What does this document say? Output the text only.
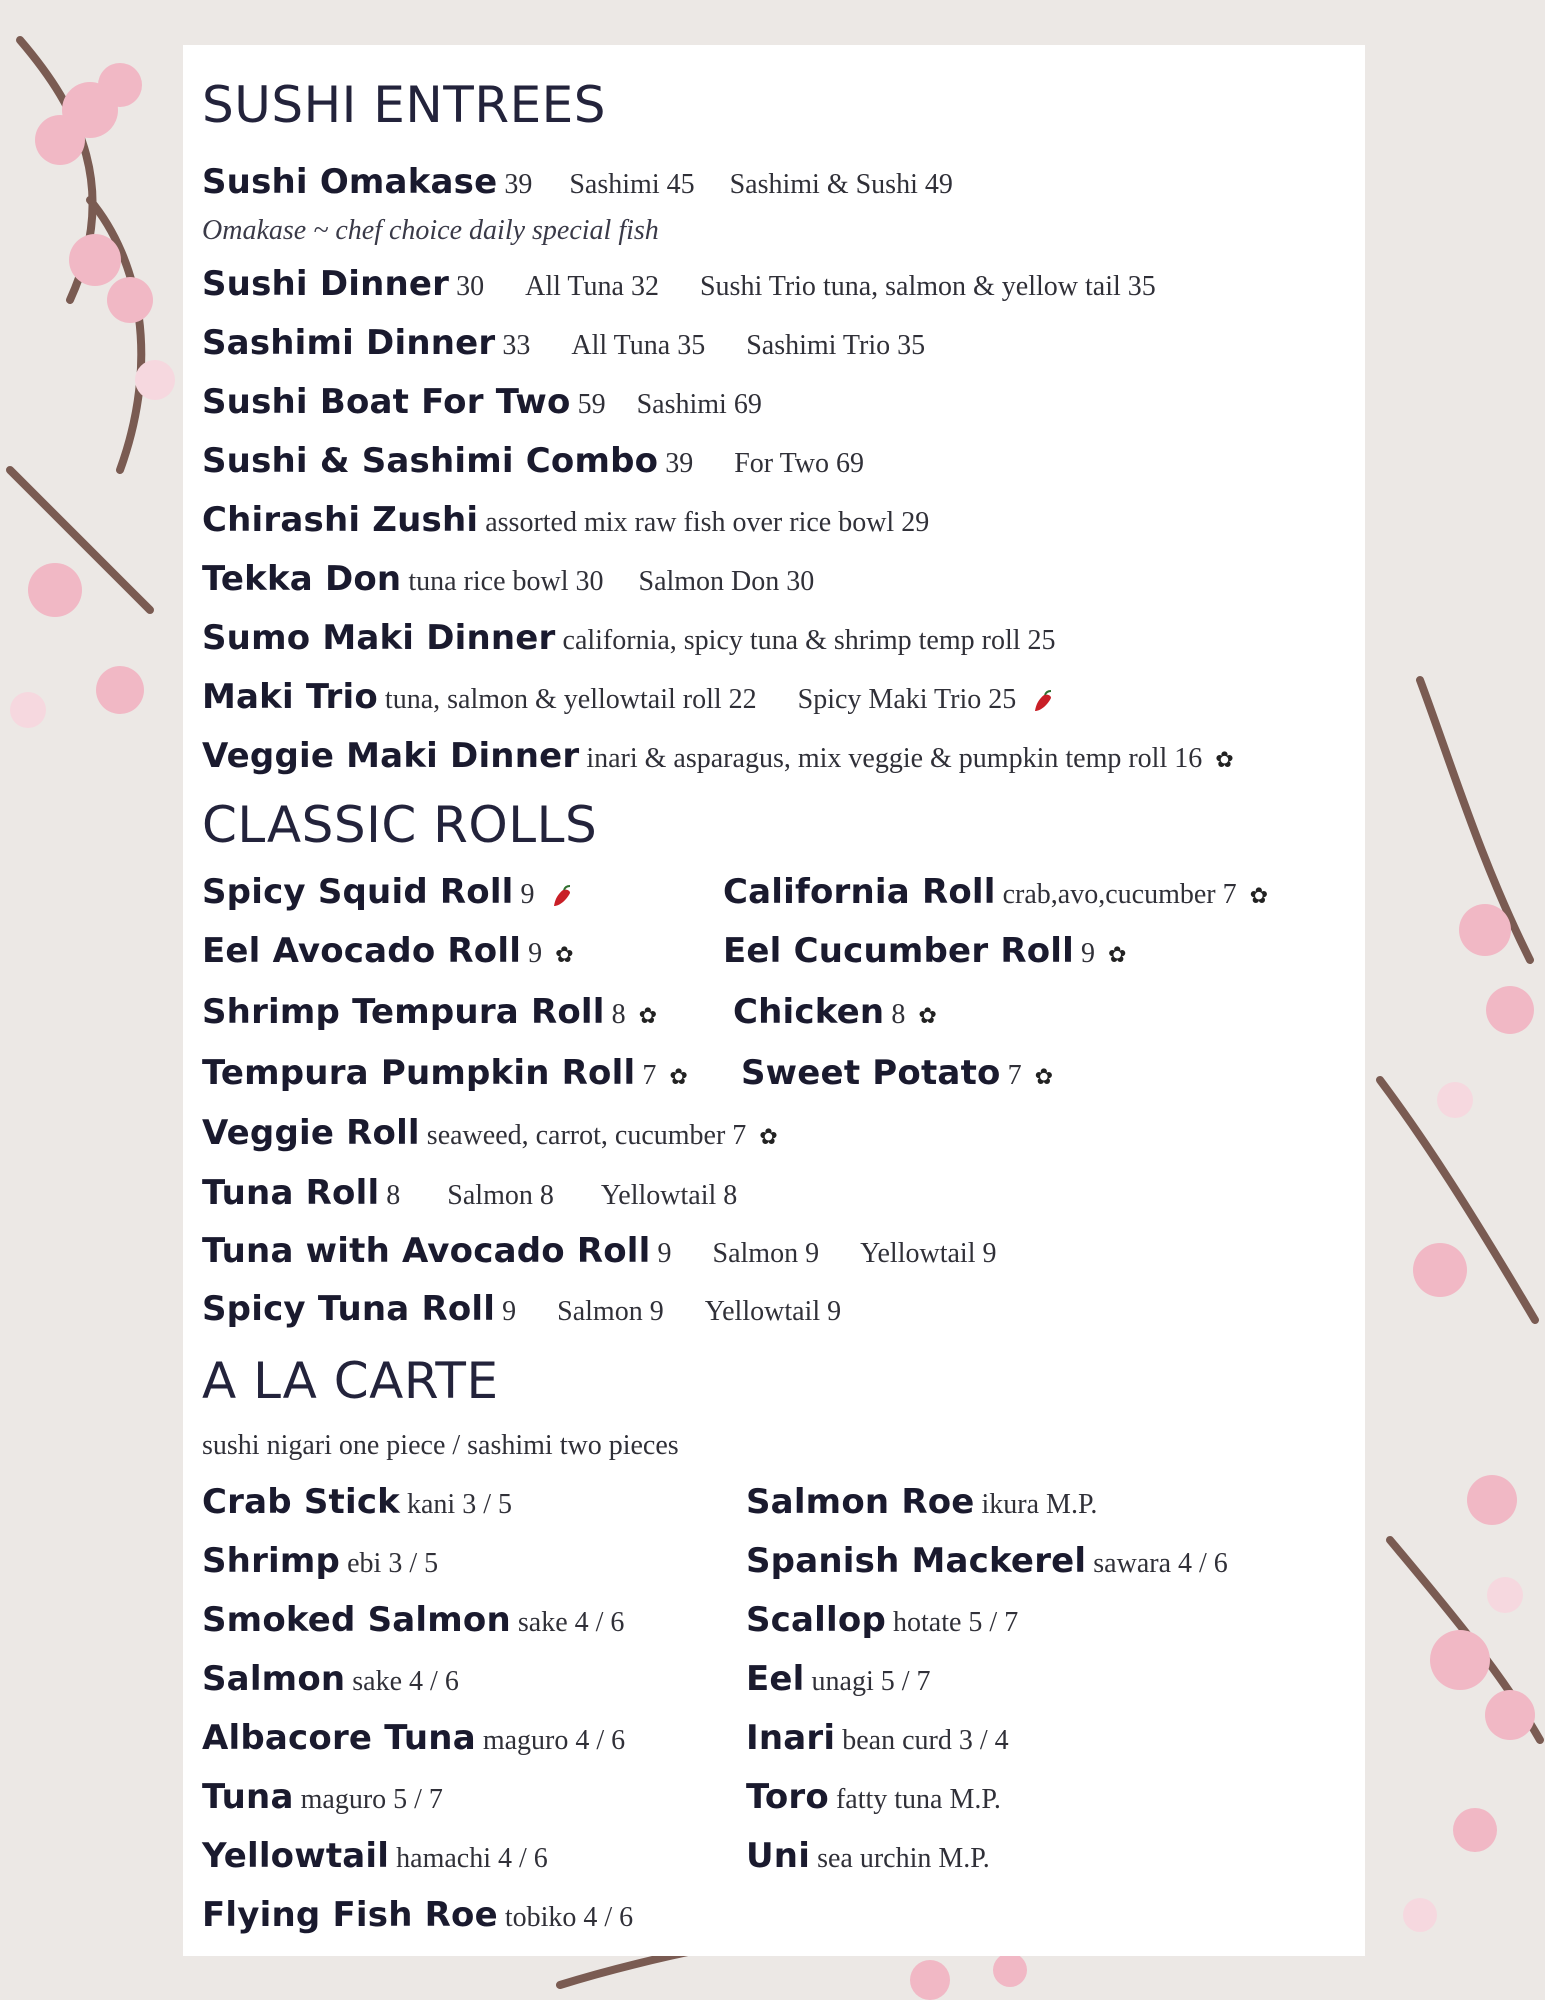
SUSHI ENTREES
Sushi Omakase 39 Sashimi 45 Sashimi & Sushi 49
Omakase ~ chef choice daily special fish
Sushi Dinner 30 All Tuna 32 Sushi Trio tuna, salmon & yellow tail 35
Sashimi Dinner 33 All Tuna 35 Sashimi Trio 35
Sushi Boat For Two 59 Sashimi 69
Sushi & Sashimi Combo 39 For Two 69
Chirashi Zushi assorted mix raw fish over rice bowl 29
Tekka Don tuna rice bowl 30 Salmon Don 30
Sumo Maki Dinner california, spicy tuna & shrimp temp roll 25
Maki Trio tuna, salmon & yellowtail roll 22 Spicy Maki Trio 25
Veggie Maki Dinner inari & asparagus, mix veggie & pumpkin temp roll 16 ✿
CLASSIC ROLLS
Spicy Squid Roll 9	California Roll crab,avo,cucumber 7 ✿
Eel Avocado Roll 9 ✿	Eel Cucumber Roll 9 ✿
Shrimp Tempura Roll 8 ✿	Chicken 8 ✿
Tempura Pumpkin Roll 7 ✿	Sweet Potato 7 ✿
Veggie Roll seaweed, carrot, cucumber 7 ✿
Tuna Roll 8 Salmon 8 Yellowtail 8
Tuna with Avocado Roll 9 Salmon 9 Yellowtail 9
Spicy Tuna Roll 9 Salmon 9 Yellowtail 9
A LA CARTE
sushi nigari one piece / sashimi two pieces
Crab Stick kani 3 / 5
Shrimp ebi 3 / 5
Smoked Salmon sake 4 / 6
Salmon sake 4 / 6
Albacore Tuna maguro 4 / 6
Tuna maguro 5 / 7
Yellowtail hamachi 4 / 6
Flying Fish Roe tobiko 4 / 6
Salmon Roe ikura M.P.
Spanish Mackerel sawara 4 / 6
Scallop hotate 5 / 7
Eel unagi 5 / 7
Inari bean curd 3 / 4
Toro fatty tuna M.P.
Uni sea urchin M.P.
